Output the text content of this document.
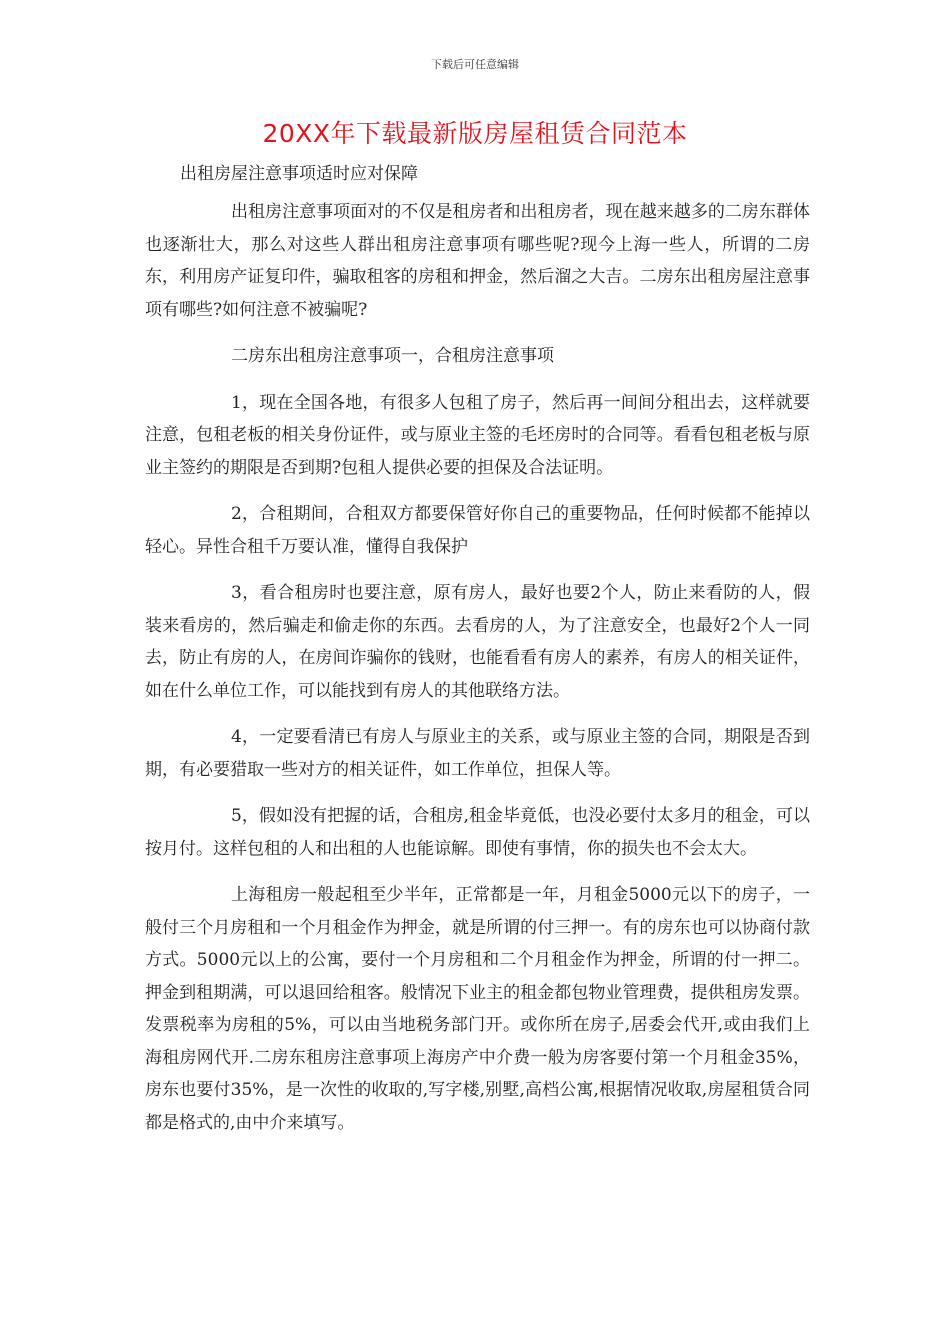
下载后可任意编辑
20XX年下载最新版房屋租赁合同范本
出租房屋注意事项适时应对保障

出租房注意事项面对的不仅是租房者和出租房者，现在越来越多的二房东群体也逐渐壮大，那么对这些人群出租房注意事项有哪些呢?现今上海一些人，所谓的二房东，利用房产证复印件，骗取租客的房租和押金，然后溜之大吉。二房东出租房屋注意事项有哪些?如何注意不被骗呢?

二房东出租房注意事项一，合租房注意事项

1，现在全国各地，有很多人包租了房子，然后再一间间分租出去，这样就要注意，包租老板的相关身份证件，或与原业主签的毛坯房时的合同等。看看包租老板与原业主签约的期限是否到期?包租人提供必要的担保及合法证明。

2，合租期间，合租双方都要保管好你自己的重要物品，任何时候都不能掉以轻心。异性合租千万要认准，懂得自我保护

3，看合租房时也要注意，原有房人，最好也要2个人，防止来看防的人，假装来看房的，然后骗走和偷走你的东西。去看房的人，为了注意安全，也最好2个人一同去，防止有房的人，在房间诈骗你的钱财，也能看看有房人的素养，有房人的相关证件，如在什么单位工作，可以能找到有房人的其他联络方法。

4，一定要看清已有房人与原业主的关系，或与原业主签的合同，期限是否到期，有必要猎取一些对方的相关证件，如工作单位，担保人等。

5，假如没有把握的话，合租房,租金毕竟低，也没必要付太多月的租金，可以按月付。这样包租的人和出租的人也能谅解。即使有事情，你的损失也不会太大。

上海租房一般起租至少半年，正常都是一年，月租金5000元以下的房子，一般付三个月房租和一个月租金作为押金，就是所谓的付三押一。有的房东也可以协商付款方式。5000元以上的公寓，要付一个月房租和二个月租金作为押金，所谓的付一押二。押金到租期满，可以退回给租客。般情况下业主的租金都包物业管理费，提供租房发票。发票税率为房租的5%，可以由当地税务部门开。或你所在房子,居委会代开,或由我们上海租房网代开.二房东租房注意事项上海房产中介费一般为房客要付第一个月租金35%，房东也要付35%，是一次性的收取的,写字楼,别墅,高档公寓,根据情况收取,房屋租赁合同都是格式的,由中介来填写。
